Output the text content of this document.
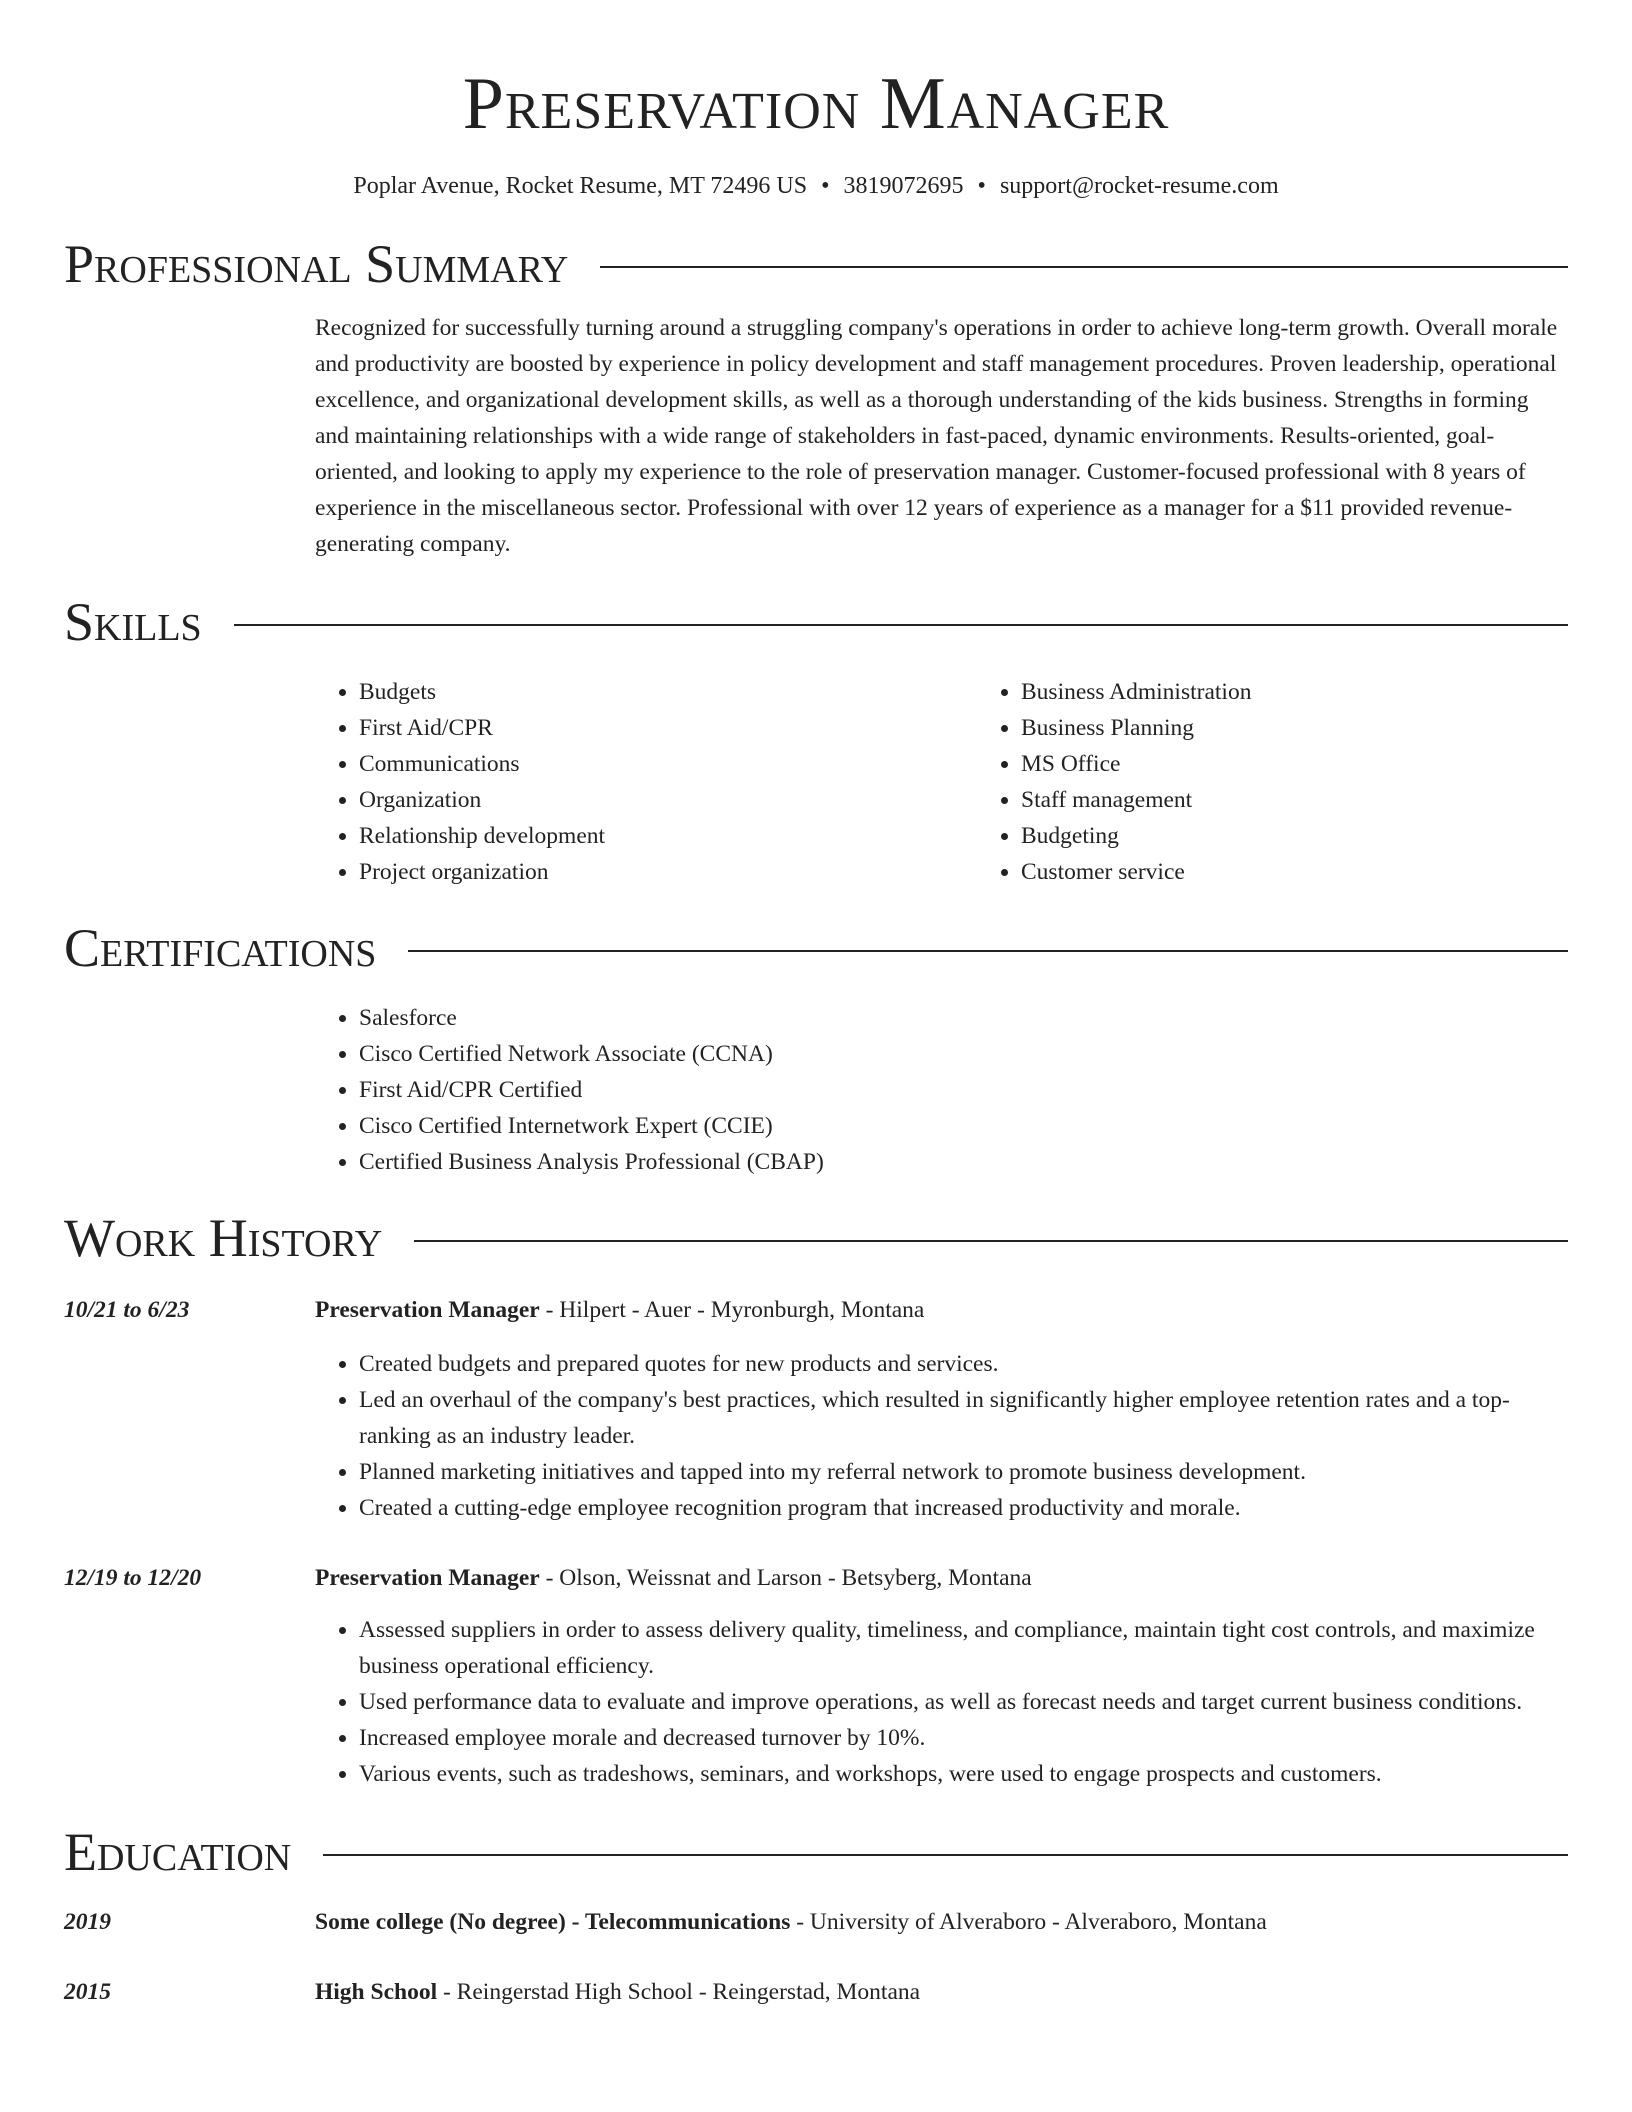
Preservation Manager
Poplar Avenue, Rocket Resume, MT 72496 US • 3819072695 • support@rocket-resume.com
Professional Summary

Recognized for successfully turning around a struggling company's operations in order to achieve long-term growth. Overall morale and productivity are boosted by experience in policy development and staff management procedures. Proven leadership, operational excellence, and organizational development skills, as well as a thorough understanding of the kids business. Strengths in forming and maintaining relationships with a wide range of stakeholders in fast-paced, dynamic environments. Results-oriented, goal-oriented, and looking to apply my experience to the role of preservation manager. Customer-focused professional with 8 years of experience in the miscellaneous sector. Professional with over 12 years of experience as a manager for a $11 provided revenue-generating company.

Skills
• Budgets
• First Aid/CPR
• Communications
• Organization
• Relationship development
• Project organization
• Business Administration
• Business Planning
• MS Office
• Staff management
• Budgeting
• Customer service
Certifications
• Salesforce
• Cisco Certified Network Associate (CCNA)
• First Aid/CPR Certified
• Cisco Certified Internetwork Expert (CCIE)
• Certified Business Analysis Professional (CBAP)
Work History
10/21 to 6/23	Preservation Manager - Hilpert - Auer - Myronburgh, Montana
• Created budgets and prepared quotes for new products and services.
• Led an overhaul of the company's best practices, which resulted in significantly higher employee retention rates and a top-ranking as an industry leader.
• Planned marketing initiatives and tapped into my referral network to promote business development.
• Created a cutting-edge employee recognition program that increased productivity and morale.
12/19 to 12/20	Preservation Manager - Olson, Weissnat and Larson - Betsyberg, Montana
• Assessed suppliers in order to assess delivery quality, timeliness, and compliance, maintain tight cost controls, and maximize business operational efficiency.
• Used performance data to evaluate and improve operations, as well as forecast needs and target current business conditions.
• Increased employee morale and decreased turnover by 10%.
• Various events, such as tradeshows, seminars, and workshops, were used to engage prospects and customers.
Education
2019	Some college (No degree) - Telecommunications - University of Alveraboro - Alveraboro, Montana
2015	High School - Reingerstad High School - Reingerstad, Montana
